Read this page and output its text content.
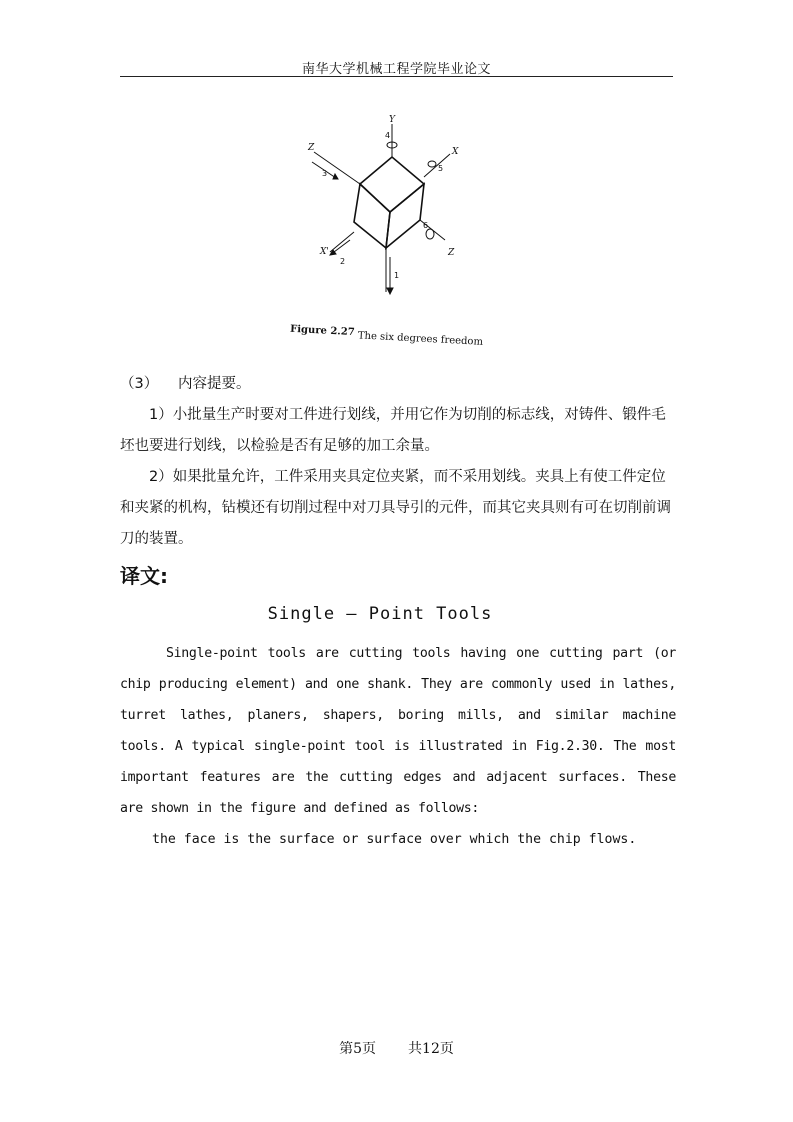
南华大学机械工程学院毕业论文
Y
X
Z
X'	Z
1
2
3
4
5
6
Figure 2.27 The six degrees freedom
（3） 内容提要。
1）小批量生产时要对工件进行划线，并用它作为切削的标志线，对铸件、锻件毛坯也要进行划线，以检验是否有足够的加工余量。
2）如果批量允许，工件采用夹具定位夹紧，而不采用划线。夹具上有使工件定位和夹紧的机构，钻模还有切削过程中对刀具导引的元件，而其它夹具则有可在切削前调刀的装置。
译文:
Single – Point Tools
Single-point tools are cutting tools having one cutting part (or chip producing element) and one shank. They are commonly used in lathes, turret lathes, planers, shapers, boring mills, and similar machine tools. A typical single-point tool is illustrated in Fig.2.30. The most important features are the cutting edges and adjacent surfaces. These are shown in the figure and defined as follows:
the face is the surface or surface over which the chip flows.
第5页 共12页
